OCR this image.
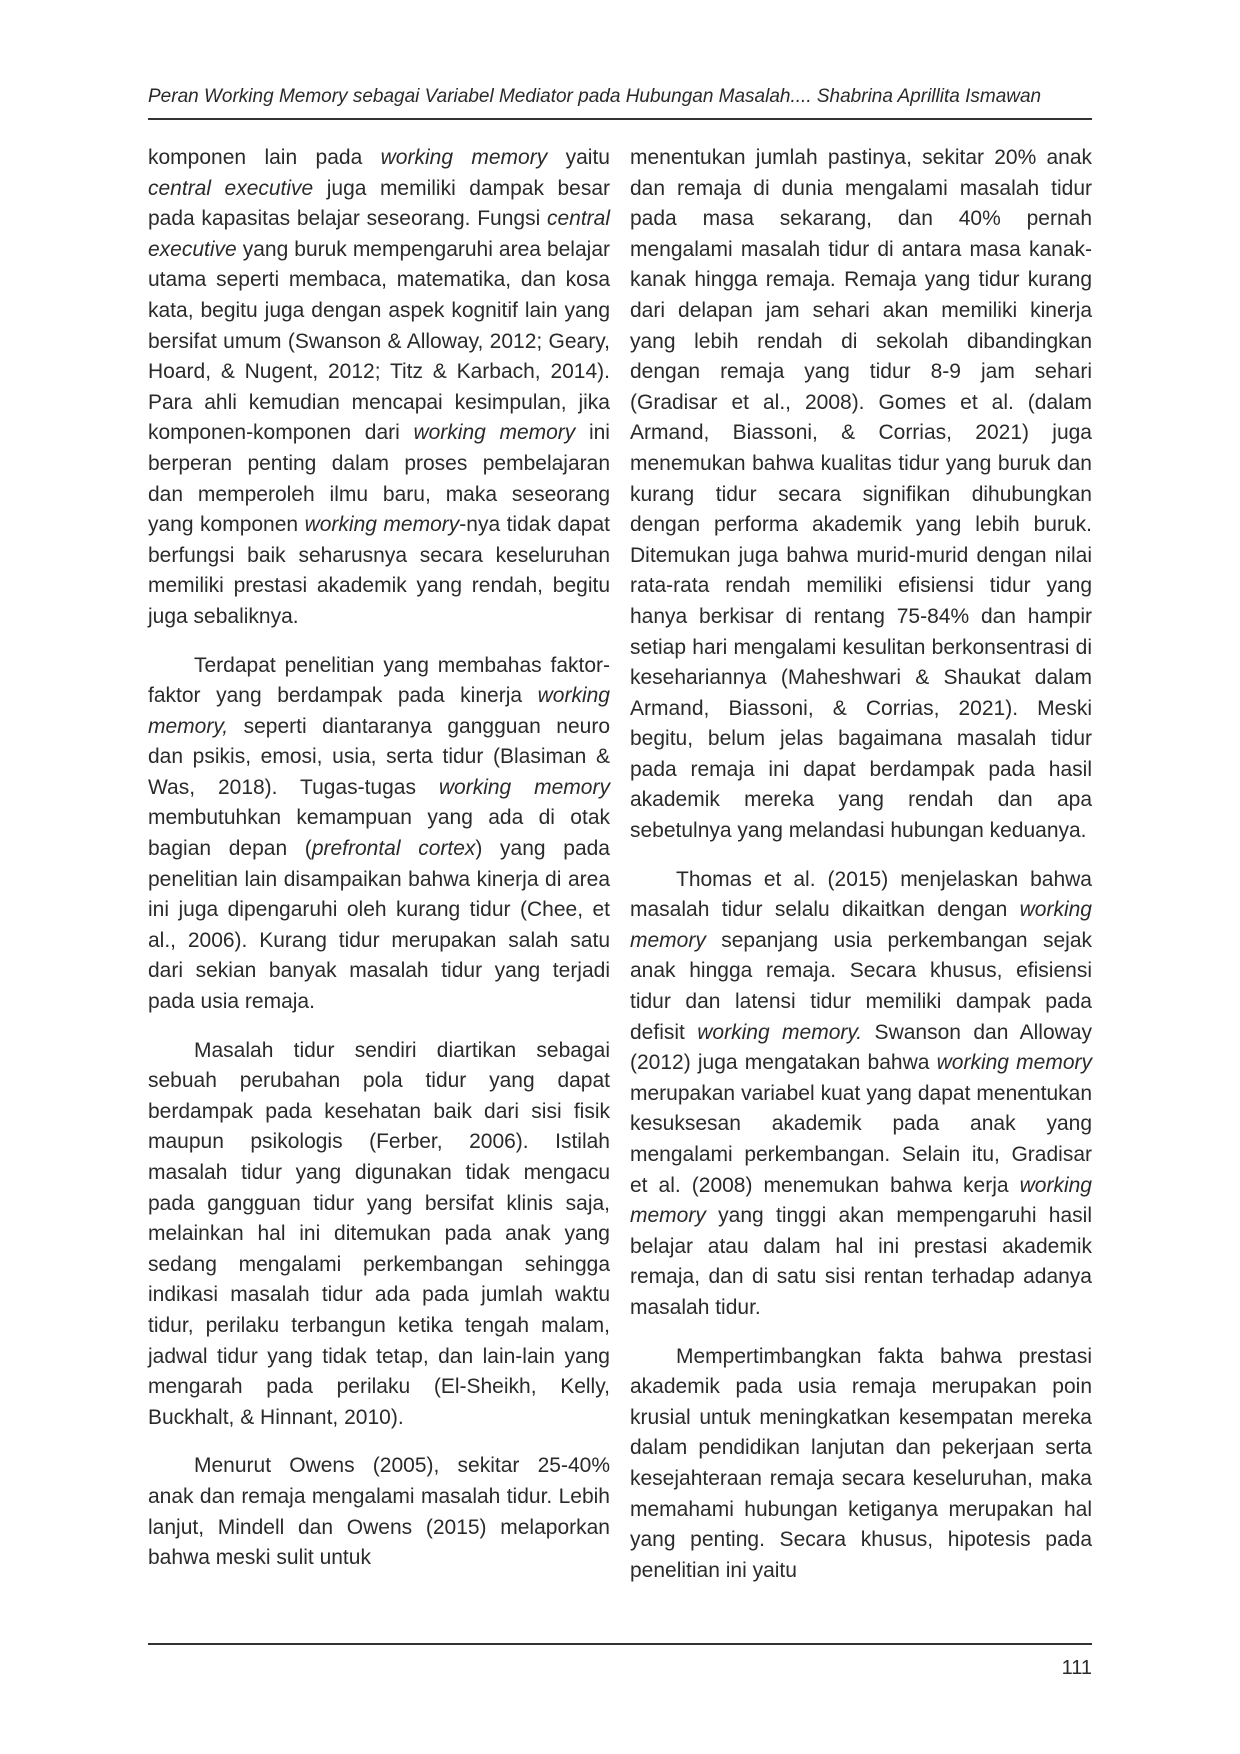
Peran Working Memory sebagai Variabel Mediator pada Hubungan Masalah.... Shabrina Aprillita Ismawan

komponen lain pada working memory yaitu central executive juga memiliki dampak besar pada kapasitas belajar seseorang. Fungsi central executive yang buruk mempengaruhi area belajar utama seperti membaca, matematika, dan kosa kata, begitu juga dengan aspek kognitif lain yang bersifat umum (Swanson & Alloway, 2012; Geary, Hoard, & Nugent, 2012; Titz & Karbach, 2014). Para ahli kemudian mencapai kesimpulan, jika komponen-komponen dari working memory ini berperan penting dalam proses pembelajaran dan memperoleh ilmu baru, maka seseorang yang komponen working memory-nya tidak dapat berfungsi baik seharusnya secara keseluruhan memiliki prestasi akademik yang rendah, begitu juga sebaliknya.

Terdapat penelitian yang membahas faktor-faktor yang berdampak pada kinerja working memory, seperti diantaranya gangguan neuro dan psikis, emosi, usia, serta tidur (Blasiman & Was, 2018). Tugas-tugas working memory membutuhkan kemampuan yang ada di otak bagian depan (prefrontal cortex) yang pada penelitian lain disampaikan bahwa kinerja di area ini juga dipengaruhi oleh kurang tidur (Chee, et al., 2006). Kurang tidur merupakan salah satu dari sekian banyak masalah tidur yang terjadi pada usia remaja.

Masalah tidur sendiri diartikan sebagai sebuah perubahan pola tidur yang dapat berdampak pada kesehatan baik dari sisi fisik maupun psikologis (Ferber, 2006). Istilah masalah tidur yang digunakan tidak mengacu pada gangguan tidur yang bersifat klinis saja, melainkan hal ini ditemukan pada anak yang sedang mengalami perkembangan sehingga indikasi masalah tidur ada pada jumlah waktu tidur, perilaku terbangun ketika tengah malam, jadwal tidur yang tidak tetap, dan lain-lain yang mengarah pada perilaku (El-Sheikh, Kelly, Buckhalt, & Hinnant, 2010).

Menurut Owens (2005), sekitar 25-40% anak dan remaja mengalami masalah tidur. Lebih lanjut, Mindell dan Owens (2015) melaporkan bahwa meski sulit untuk

menentukan jumlah pastinya, sekitar 20% anak dan remaja di dunia mengalami masalah tidur pada masa sekarang, dan 40% pernah mengalami masalah tidur di antara masa kanak-kanak hingga remaja. Remaja yang tidur kurang dari delapan jam sehari akan memiliki kinerja yang lebih rendah di sekolah dibandingkan dengan remaja yang tidur 8-9 jam sehari (Gradisar et al., 2008). Gomes et al. (dalam Armand, Biassoni, & Corrias, 2021) juga menemukan bahwa kualitas tidur yang buruk dan kurang tidur secara signifikan dihubungkan dengan performa akademik yang lebih buruk. Ditemukan juga bahwa murid-murid dengan nilai rata-rata rendah memiliki efisiensi tidur yang hanya berkisar di rentang 75-84% dan hampir setiap hari mengalami kesulitan berkonsentrasi di kesehariannya (Maheshwari & Shaukat dalam Armand, Biassoni, & Corrias, 2021). Meski begitu, belum jelas bagaimana masalah tidur pada remaja ini dapat berdampak pada hasil akademik mereka yang rendah dan apa sebetulnya yang melandasi hubungan keduanya.

Thomas et al. (2015) menjelaskan bahwa masalah tidur selalu dikaitkan dengan working memory sepanjang usia perkembangan sejak anak hingga remaja. Secara khusus, efisiensi tidur dan latensi tidur memiliki dampak pada defisit working memory. Swanson dan Alloway (2012) juga mengatakan bahwa working memory merupakan variabel kuat yang dapat menentukan kesuksesan akademik pada anak yang mengalami perkembangan. Selain itu, Gradisar et al. (2008) menemukan bahwa kerja working memory yang tinggi akan mempengaruhi hasil belajar atau dalam hal ini prestasi akademik remaja, dan di satu sisi rentan terhadap adanya masalah tidur.

Mempertimbangkan fakta bahwa prestasi akademik pada usia remaja merupakan poin krusial untuk meningkatkan kesempatan mereka dalam pendidikan lanjutan dan pekerjaan serta kesejahteraan remaja secara keseluruhan, maka memahami hubungan ketiganya merupakan hal yang penting. Secara khusus, hipotesis pada penelitian ini yaitu

111
